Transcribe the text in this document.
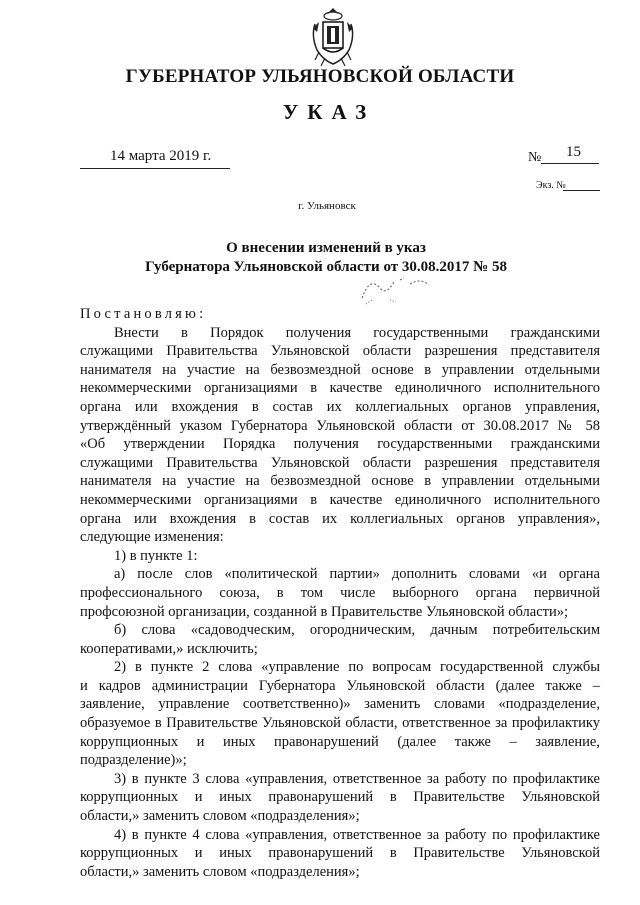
ГУБЕРНАТОР УЛЬЯНОВСКОЙ ОБЛАСТИ
УКАЗ
14 марта 2019 г.	№ 15
Экз. №
г. Ульяновск
О внесении изменений в указ
Губернатора Ульяновской области от 30.08.2017 № 58

Постановляю:

Внести в Порядок получения государственными гражданскими

служащими Правительства Ульяновской области разрешения представителя

нанимателя на участие на безвозмездной основе в управлении отдельными

некоммерческими организациями в качестве единоличного исполнительного

органа или вхождения в состав их коллегиальных органов управления,

утверждённый указом Губернатора Ульяновской области от 30.08.2017 № 58

«Об утверждении Порядка получения государственными гражданскими

служащими Правительства Ульяновской области разрешения представителя

нанимателя на участие на безвозмездной основе в управлении отдельными

некоммерческими организациями в качестве единоличного исполнительного

органа или вхождения в состав их коллегиальных органов управления»,

следующие изменения:

1) в пункте 1:

а) после слов «политической партии» дополнить словами «и органа

профессионального союза, в том числе выборного органа первичной

профсоюзной организации, созданной в Правительстве Ульяновской области»;

б) слова «садоводческим, огородническим, дачным потребительским

кооперативами,» исключить;

2) в пункте 2 слова «управление по вопросам государственной службы

и кадров администрации Губернатора Ульяновской области (далее также –

заявление, управление соответственно)» заменить словами «подразделение,

образуемое в Правительстве Ульяновской области, ответственное за профилактику

коррупционных и иных правонарушений (далее также – заявление,

подразделение)»;

3) в пункте 3 слова «управления, ответственное за работу по профилактике

коррупционных и иных правонарушений в Правительстве Ульяновской

области,» заменить словом «подразделения»;

4) в пункте 4 слова «управления, ответственное за работу по профилактике

коррупционных и иных правонарушений в Правительстве Ульяновской

области,» заменить словом «подразделения»;
